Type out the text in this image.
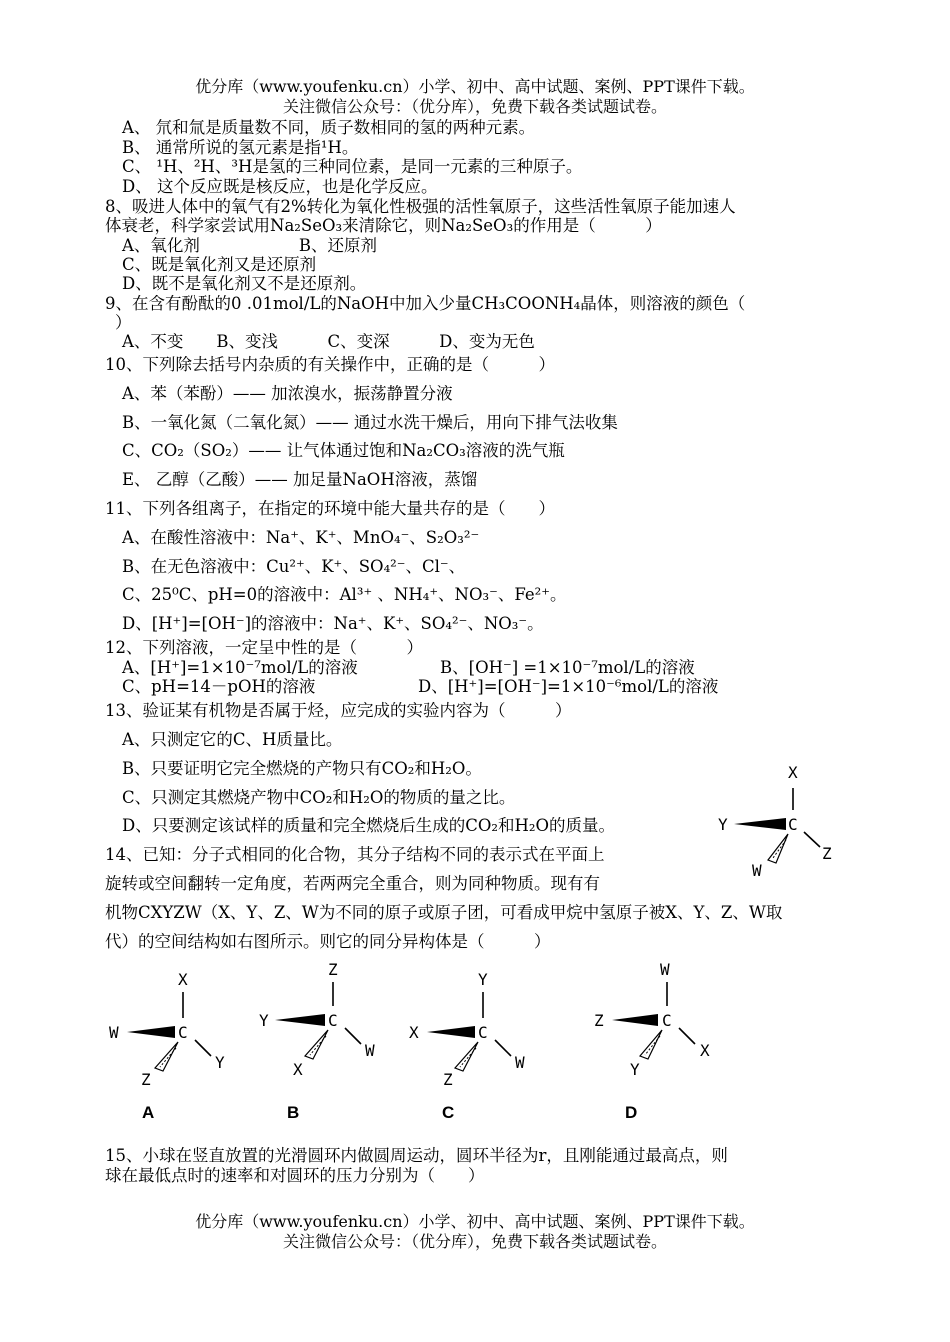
优分库（www.youfenku.cn）小学、初中、高中试题、案例、PPT课件下载。
关注微信公众号：（优分库），免费下载各类试题试卷。
A、 氘和氚是质量数不同，质子数相同的氢的两种元素。
B、 通常所说的氢元素是指¹H。
C、 ¹H、²H、³H是氢的三种同位素，是同一元素的三种原子。
D、 这个反应既是核反应，也是化学反应。
8、吸进人体中的氧气有2%转化为氧化性极强的活性氧原子，这些活性氧原子能加速人
体衰老，科学家尝试用Na₂SeO₃来清除它，则Na₂SeO₃的作用是（　　　）
A、氧化剂　　　　　　B、还原剂
C、既是氧化剂又是还原剂
D、既不是氧化剂又不是还原剂。
9、在含有酚酞的0 .01mol/L的NaOH中加入少量CH₃COONH₄晶体，则溶液的颜色（
）
A、不变　　B、变浅　　　C、变深　　　D、变为无色
10、下列除去括号内杂质的有关操作中，正确的是（　　　）
A、苯（苯酚）—— 加浓溴水，振荡静置分液
B、一氧化氮（二氧化氮）—— 通过水洗干燥后，用向下排气法收集
C、CO₂（SO₂）—— 让气体通过饱和Na₂CO₃溶液的洗气瓶
E、 乙醇（乙酸）—— 加足量NaOH溶液，蒸馏
11、下列各组离子，在指定的环境中能大量共存的是（　　）
A、在酸性溶液中：Na⁺、K⁺、MnO₄⁻、S₂O₃²⁻
B、在无色溶液中：Cu²⁺、K⁺、SO₄²⁻、Cl⁻、
C、25⁰C、pH=0的溶液中：Al³⁺ 、NH₄⁺、NO₃⁻、Fe²⁺。
D、[H⁺]=[OH⁻]的溶液中：Na⁺、K⁺、SO₄²⁻、NO₃⁻。
12、下列溶液，一定呈中性的是（　　　）
A、[H⁺]=1×10⁻⁷mol/L的溶液	B、[OH⁻] =1×10⁻⁷mol/L的溶液
C、pH=14－pOH的溶液	D、[H⁺]=[OH⁻]=1×10⁻⁶mol/L的溶液
13、验证某有机物是否属于烃，应完成的实验内容为（　　　）
A、只测定它的C、H质量比。
B、只要证明它完全燃烧的产物只有CO₂和H₂O。
C、只测定其燃烧产物中CO₂和H₂O的物质的量之比。
D、只要测定该试样的质量和完全燃烧后生成的CO₂和H₂O的质量。
X
C
Y
Z
W
14、已知：分子式相同的化合物，其分子结构不同的表示式在平面上
旋转或空间翻转一定角度，若两两完全重合，则为同种物质。现有有
机物CXYZW（X、Y、Z、W为不同的原子或原子团，可看成甲烷中氢原子被X、Y、Z、W取
代）的空间结构如右图所示。则它的同分异构体是（　　　）
X
C
W
Y
Z
A
Z
C
Y
W
X
B
Y
C
X
W
Z
C
W
C
Z
X
Y
D
15、小球在竖直放置的光滑圆环内做圆周运动，圆环半径为r，且刚能通过最高点，则
球在最低点时的速率和对圆环的压力分别为（　　）
优分库（www.youfenku.cn）小学、初中、高中试题、案例、PPT课件下载。
关注微信公众号：（优分库），免费下载各类试题试卷。
